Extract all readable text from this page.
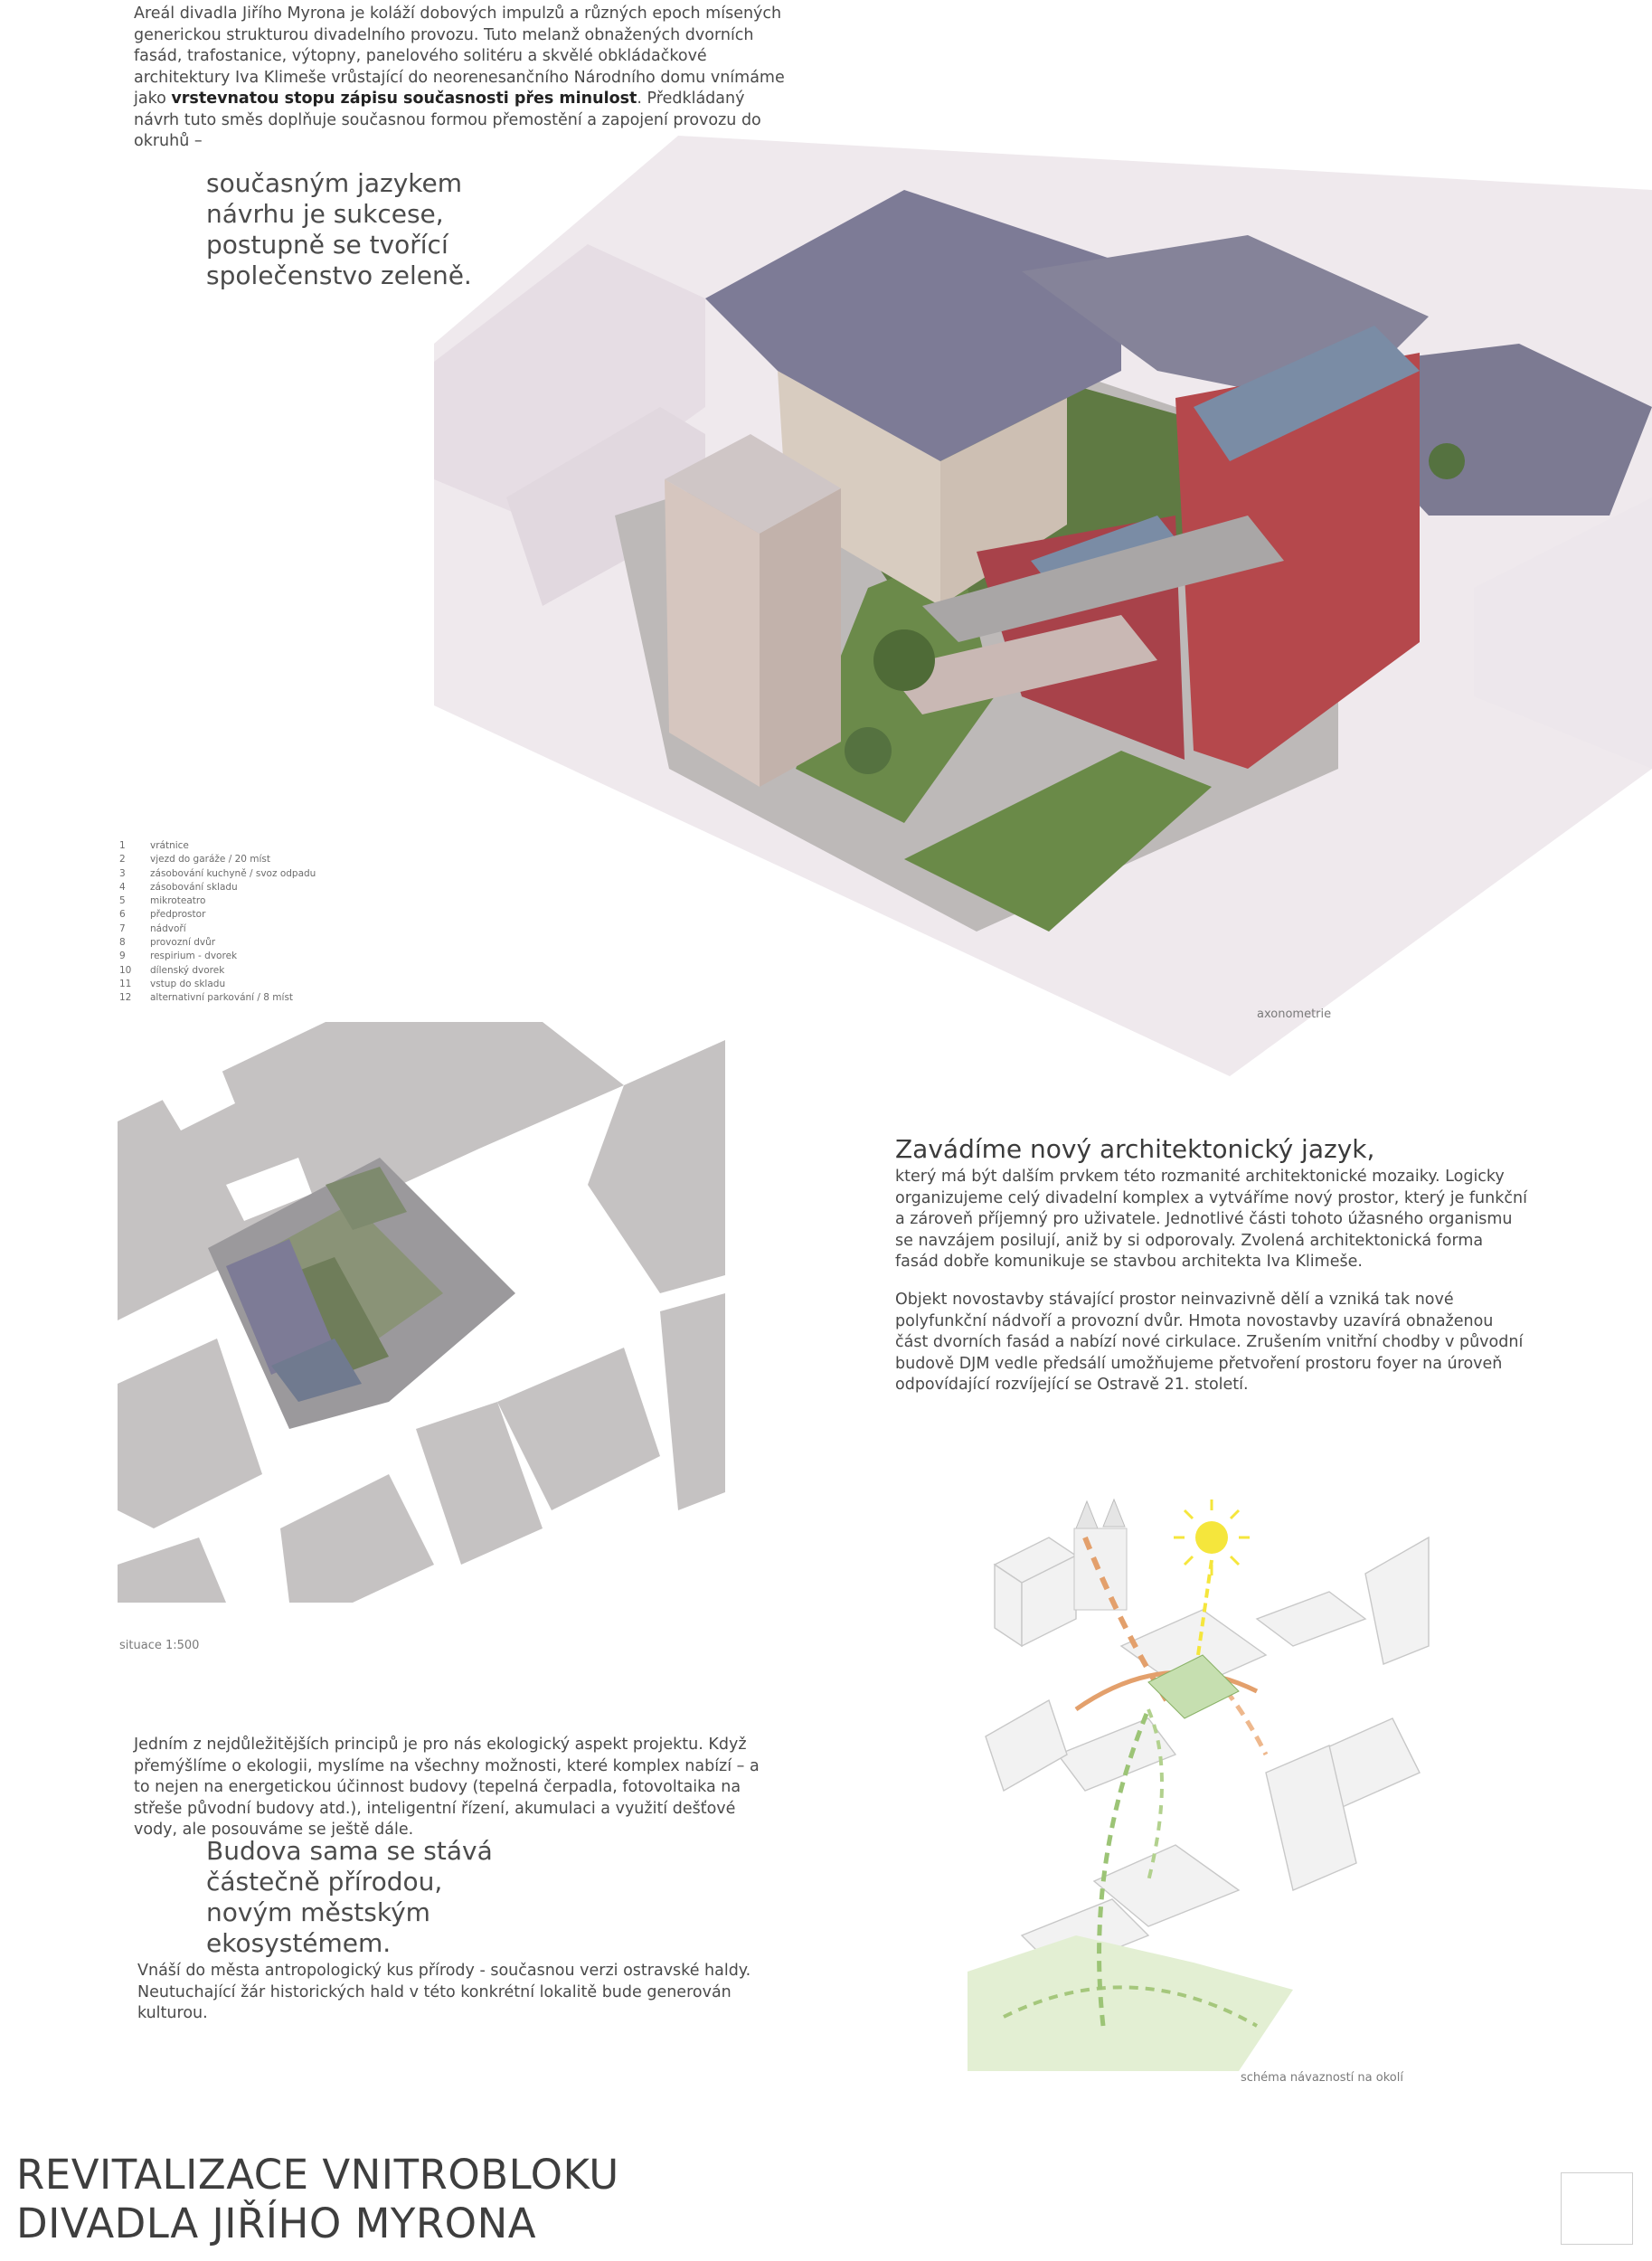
Areál divadla Jiřího Myrona je koláží dobových impulzů a různých epoch mísených generickou strukturou divadelního provozu. Tuto melanž obnažených dvorních fasád, trafostanice, výtopny, panelového solitéru a skvělé obkládačkové architektury Iva Klimeše vrůstající do neorenesančního Národního domu vnímáme jako vrstevnatou stopu zápisu současnosti přes minulost. Předkládaný návrh tuto směs doplňuje současnou formou přemostění a zapojení provozu do okruhů –
současným jazykem návrhu je sukcese, postupně se tvořící společenstvo zeleně.
axonometrie
1	vrátnice
2	vjezd do garáže / 20 míst
3	zásobování kuchyně / svoz odpadu
4	zásobování skladu
5	mikroteatro
6	předprostor
7	nádvoří
8	provozní dvůr
9	respirium - dvorek
10 dílenský dvorek
11 vstup do skladu
12 alternativní parkování / 8 míst
situace 1:500
Zavádíme nový architektonický jazyk,
který má být dalším prvkem této rozmanité architektonické mozaiky. Logicky organizujeme celý divadelní komplex a vytváříme nový prostor, který je funkční a zároveň příjemný pro uživatele. Jednotlivé části tohoto úžasného organismu se navzájem posilují, aniž by si odporovaly. Zvolená architektonická forma fasád dobře komunikuje se stavbou architekta Iva Klimeše.
Objekt novostavby stávající prostor neinvazivně dělí a vzniká tak nové polyfunkční nádvoří a provozní dvůr. Hmota novostavby uzavírá obnaženou část dvorních fasád a nabízí nové cirkulace. Zrušením vnitřní chodby v původní budově DJM vedle předsálí umožňujeme přetvoření prostoru foyer na úroveň odpovídající rozvíjející se Ostravě 21. století.
schéma návazností na okolí
Jedním z nejdůležitějších principů je pro nás ekologický aspekt projektu. Když přemýšlíme o ekologii, myslíme na všechny možnosti, které komplex nabízí – a to nejen na energetickou účinnost budovy (tepelná čerpadla, fotovoltaika na střeše původní budovy atd.), inteligentní řízení, akumulaci a využití dešťové vody, ale posouváme se ještě dále.
Budova sama se stává částečně přírodou, novým městským ekosystémem.
Vnáší do města antropologický kus přírody - současnou verzi ostravské haldy. Neutuchající žár historických hald v této konkrétní lokalitě bude generován kulturou.
REVITALIZACE VNITROBLOKU
DIVADLA JIŘÍHO MYRONA
